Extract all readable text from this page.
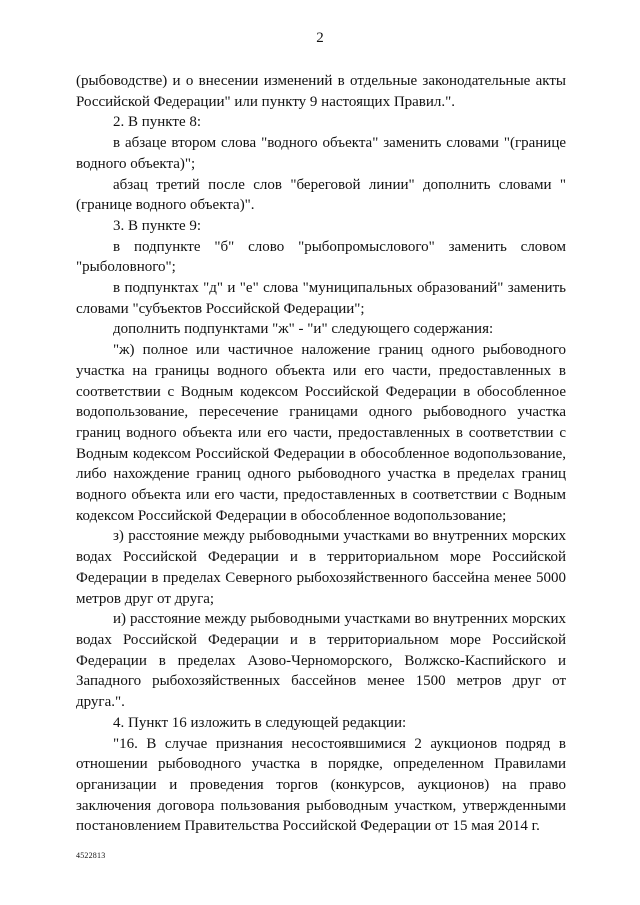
2

(рыбоводстве) и о внесении изменений в отдельные законодательные акты Российской Федерации" или пункту 9 настоящих Правил.".

2. В пункте 8:

в абзаце втором слова "водного объекта" заменить словами "(границе водного объекта)";

абзац третий после слов "береговой линии" дополнить словами "(границе водного объекта)".

3. В пункте 9:

в подпункте "б" слово "рыбопромыслового" заменить словом "рыболовного";

в подпунктах "д" и "е" слова "муниципальных образований" заменить словами "субъектов Российской Федерации";

дополнить подпунктами "ж" - "и" следующего содержания:

"ж) полное или частичное наложение границ одного рыбоводного участка на границы водного объекта или его части, предоставленных в соответствии с Водным кодексом Российской Федерации в обособленное водопользование, пересечение границами одного рыбоводного участка границ водного объекта или его части, предоставленных в соответствии с Водным кодексом Российской Федерации в обособленное водопользование, либо нахождение границ одного рыбоводного участка в пределах границ водного объекта или его части, предоставленных в соответствии с Водным кодексом Российской Федерации в обособленное водопользование;

з) расстояние между рыбоводными участками во внутренних морских водах Российской Федерации и в территориальном море Российской Федерации в пределах Северного рыбохозяйственного бассейна менее 5000 метров друг от друга;

и) расстояние между рыбоводными участками во внутренних морских водах Российской Федерации и в территориальном море Российской Федерации в пределах Азово-Черноморского, Волжско-Каспийского и Западного рыбохозяйственных бассейнов менее 1500 метров друг от друга.".

4. Пункт 16 изложить в следующей редакции:

"16. В случае признания несостоявшимися 2 аукционов подряд в отношении рыбоводного участка в порядке, определенном Правилами организации и проведения торгов (конкурсов, аукционов) на право заключения договора пользования рыбоводным участком, утвержденными постановлением Правительства Российской Федерации от 15 мая 2014 г.

4522813
